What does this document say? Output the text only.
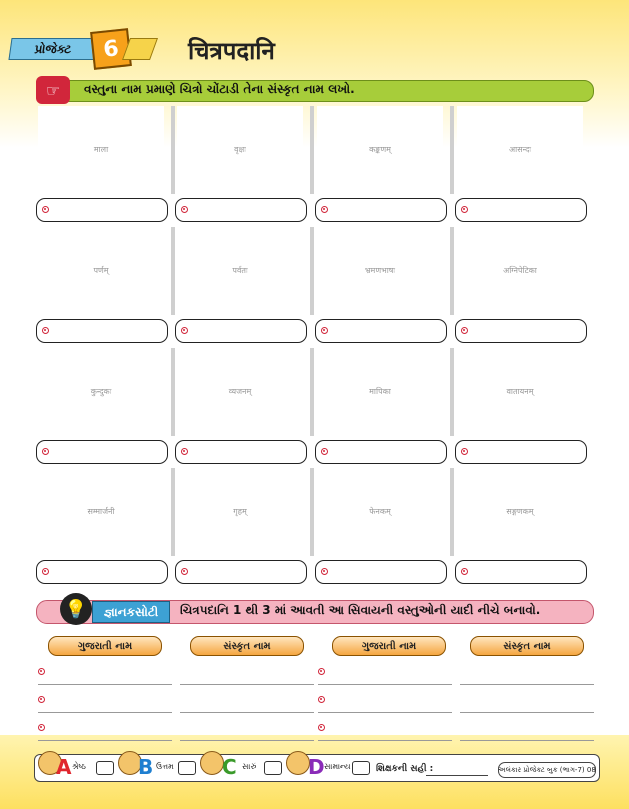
પ્રોજેક્ટ	6	चित्रपदानि
☞	વસ્તુના નામ પ્રમાણે ચિત્રો ચોંટાડી તેના સંસ્કૃત નામ લખો.
माला	वृक्षः	कङ्कणम्	आसन्दः
पर्णम्	पर्वतः	भ्रमणभाषः	अग्निपेटिका
कुन्दुकः	व्यजनम्	मापिका	वातायनम्
सम्मार्जनी	गृहम्	फेनकम्	सङ्गणकम्
💡	જ્ઞાનકસોટી	ચિત્રપદાનિ 1 થી 3 માં આવતી આ સિવાયની વસ્તુઓની યાદી નીચે બનાવો.
ગુજરાતી નામ	સંસ્કૃત નામ	ગુજરાતી નામ	સંસ્કૃત નામ
A શ્રેષ્ઠ	B ઉત્તમ C સારું	D સામાન્ય	શિક્ષકની સહી :	અલંકાર પ્રોજેક્ટ બુક (ભાગ-7)
08
